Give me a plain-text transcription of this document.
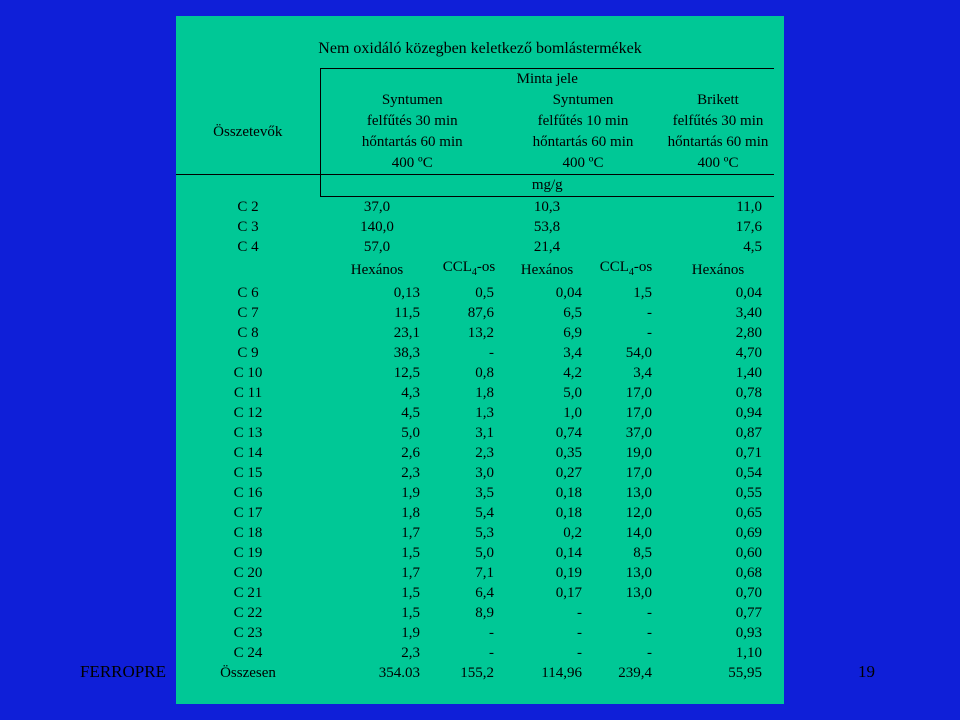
FERROPRE	19
Nem oxidáló közegben keletkező bomlástermékek
	Minta jele				
Összetevők	Syntumen		Syntumen		Brikett
	felfűtés 30 min		felfűtés 10 min		felfűtés 30 min
	hőntartás 60 min		hőntartás 60 min		hőntartás 60 min
	400 ºC		400 ºC		400 ºC
	mg/g				
C 2	37,0		10,3		11,0
C 3	140,0		53,8		17,6
C 4	57,0		21,4		4,5
	Hexános	$CCL_4-os$	Hexános	$CCL_4-os$	Hexános
C 6	0,13	0,5	0,04	1,5	0,04
C 7	11,5	87,6	6,5	-	3,40
C 8	23,1	13,2	6,9	-	2,80
C 9	38,3	-	3,4	54,0	4,70
C 10	12,5	0,8	4,2	3,4	1,40
C 11	4,3	1,8	5,0	17,0	0,78
C 12	4,5	1,3	1,0	17,0	0,94
C 13	5,0	3,1	0,74	37,0	0,87
C 14	2,6	2,3	0,35	19,0	0,71
C 15	2,3	3,0	0,27	17,0	0,54
C 16	1,9	3,5	0,18	13,0	0,55
C 17	1,8	5,4	0,18	12,0	0,65
C 18	1,7	5,3	0,2	14,0	0,69
C 19	1,5	5,0	0,14	8,5	0,60
C 20	1,7	7,1	0,19	13,0	0,68
C 21	1,5	6,4	0,17	13,0	0,70
C 22	1,5	8,9	-	-	0,77
C 23	1,9	-	-	-	0,93
C 24	2,3	-	-	-	1,10
Összesen	354.03	155,2	114,96	239,4	55,95
